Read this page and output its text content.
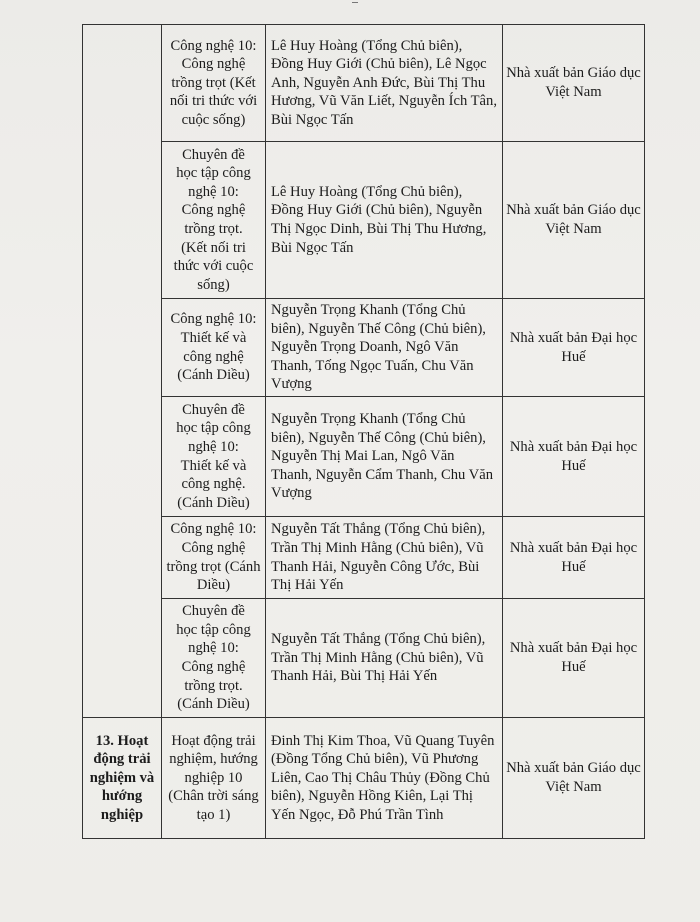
	Công nghệ 10: Công nghệ trồng trọt (Kết nối tri thức với cuộc sống)	Lê Huy Hoàng (Tổng Chủ biên), Đồng Huy Giới (Chủ biên), Lê Ngọc Anh, Nguyễn Anh Đức, Bùi Thị Thu Hương, Vũ Văn Liết, Nguyễn Ích Tân, Bùi Ngọc Tấn	Nhà xuất bản Giáo dục Việt Nam

	Chuyên đề học tập công nghệ 10: Công nghệ trồng trọt. (Kết nối tri thức với cuộc sống)	Lê Huy Hoàng (Tổng Chủ biên), Đồng Huy Giới (Chủ biên), Nguyễn Thị Ngọc Dinh, Bùi Thị Thu Hương, Bùi Ngọc Tấn	Nhà xuất bản Giáo dục Việt Nam

	Công nghệ 10: Thiết kế và công nghệ (Cánh Diều)	Nguyễn Trọng Khanh (Tổng Chủ biên), Nguyễn Thế Công (Chủ biên), Nguyễn Trọng Doanh, Ngô Văn Thanh, Tống Ngọc Tuấn, Chu Văn Vượng	Nhà xuất bản Đại học Huế

	Chuyên đề học tập công nghệ 10: Thiết kế và công nghệ. (Cánh Diều)	Nguyễn Trọng Khanh (Tổng Chủ biên), Nguyễn Thế Công (Chủ biên), Nguyễn Thị Mai Lan, Ngô Văn Thanh, Nguyễn Cẩm Thanh, Chu Văn Vượng	Nhà xuất bản Đại học Huế

	Công nghệ 10: Công nghệ trồng trọt (Cánh Diều)	Nguyễn Tất Thắng (Tổng Chủ biên), Trần Thị Minh Hằng (Chủ biên), Vũ Thanh Hải, Nguyễn Công Ước, Bùi Thị Hải Yến	Nhà xuất bản Đại học Huế

	Chuyên đề học tập công nghệ 10: Công nghệ trồng trọt. (Cánh Diều)	Nguyễn Tất Thắng (Tổng Chủ biên), Trần Thị Minh Hằng (Chủ biên), Vũ Thanh Hải, Bùi Thị Hải Yến	Nhà xuất bản Đại học Huế

13. Hoạt động trải nghiệm và hướng nghiệp	Hoạt động trải nghiệm, hướng nghiệp 10 (Chân trời sáng tạo 1)	Đinh Thị Kim Thoa, Vũ Quang Tuyên (Đồng Tổng Chủ biên), Vũ Phương Liên, Cao Thị Châu Thủy (Đồng Chủ biên), Nguyễn Hồng Kiên, Lại Thị Yến Ngọc, Đỗ Phú Trần Tình	Nhà xuất bản Giáo dục Việt Nam
